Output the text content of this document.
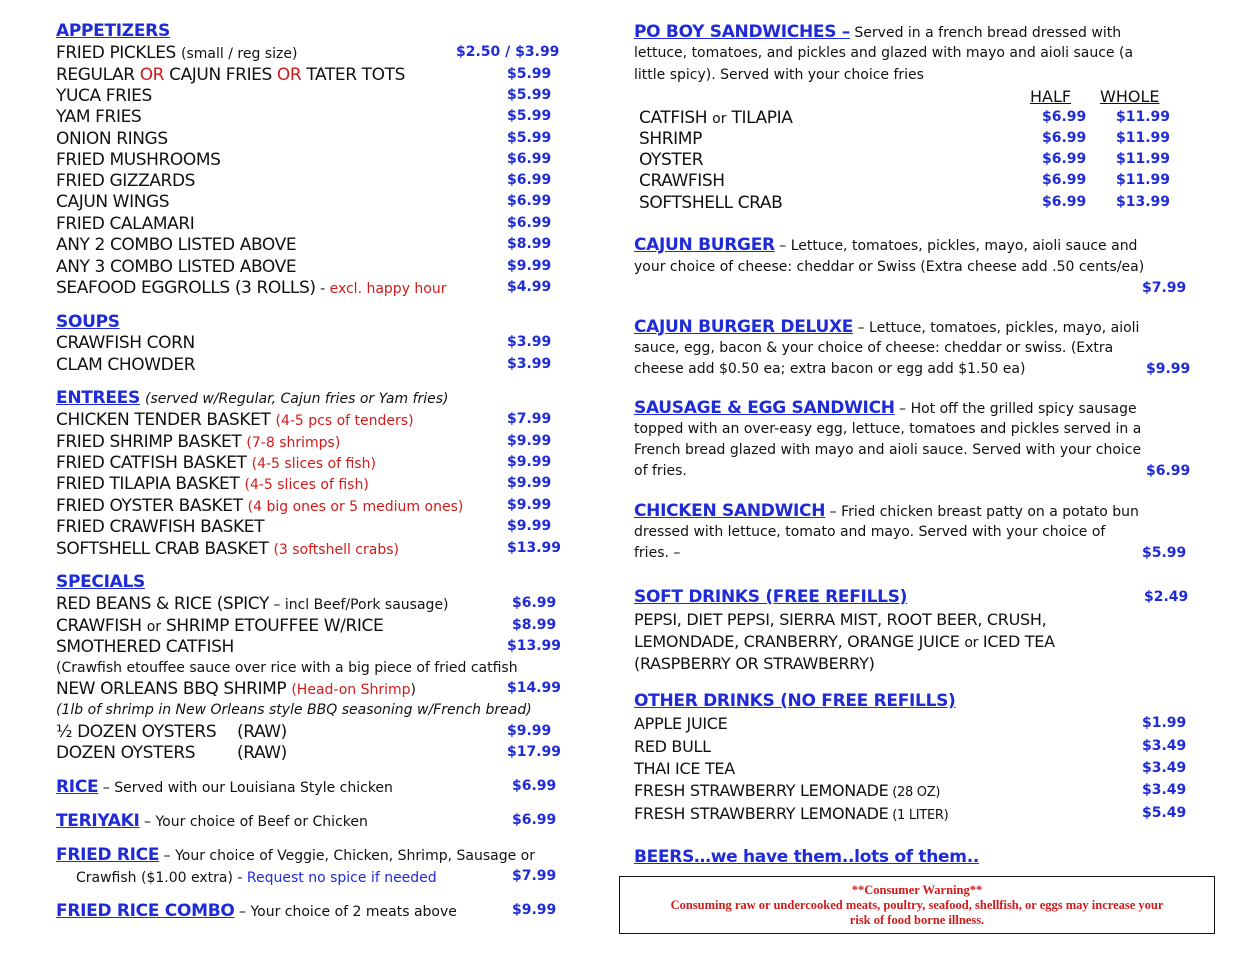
APPETIZERS
FRIED PICKLES (small / reg size)	$2.50 / $3.99
REGULAR OR CAJUN FRIES OR TATER TOTS	$5.99
YUCA FRIES	$5.99
YAM FRIES	$5.99
ONION RINGS	$5.99
FRIED MUSHROOMS	$6.99
FRIED GIZZARDS	$6.99
CAJUN WINGS	$6.99
FRIED CALAMARI	$6.99
ANY 2 COMBO LISTED ABOVE	$8.99
ANY 3 COMBO LISTED ABOVE	$9.99
SEAFOOD EGGROLLS (3 ROLLS) - excl. happy hour	$4.99
SOUPS
CRAWFISH CORN	$3.99
CLAM CHOWDER	$3.99
ENTREES (served w/Regular, Cajun fries or Yam fries)
CHICKEN TENDER BASKET (4-5 pcs of tenders)	$7.99
FRIED SHRIMP BASKET (7-8 shrimps)	$9.99
FRIED CATFISH BASKET (4-5 slices of fish)	$9.99
FRIED TILAPIA BASKET (4-5 slices of fish)	$9.99
FRIED OYSTER BASKET (4 big ones or 5 medium ones)	$9.99
FRIED CRAWFISH BASKET	$9.99
SOFTSHELL CRAB BASKET (3 softshell crabs)	$13.99
SPECIALS
RED BEANS & RICE (SPICY – incl Beef/Pork sausage)	$6.99
CRAWFISH or SHRIMP ETOUFFEE W/RICE	$8.99
SMOTHERED CATFISH	$13.99
(Crawfish etouffee sauce over rice with a big piece of fried catfish
NEW ORLEANS BBQ SHRIMP (Head-on Shrimp)	$14.99
(1lb of shrimp in New Orleans style BBQ seasoning w/French bread)
½ DOZEN OYSTERS (RAW)	$9.99
DOZEN OYSTERS (RAW)	$17.99
RICE – Served with our Louisiana Style chicken	$6.99
TERIYAKI – Your choice of Beef or Chicken	$6.99
FRIED RICE – Your choice of Veggie, Chicken, Shrimp, Sausage or
Crawfish ($1.00 extra) - Request no spice if needed	$7.99
FRIED RICE COMBO – Your choice of 2 meats above	$9.99
PO BOY SANDWICHES – Served in a french bread dressed with
lettuce, tomatoes, and pickles and glazed with mayo and aioli sauce (a
little spicy). Served with your choice fries
HALF WHOLE
CATFISH or TILAPIA	$6.99 $11.99
SHRIMP	$6.99 $11.99
OYSTER	$6.99 $11.99
CRAWFISH	$6.99 $11.99
SOFTSHELL CRAB	$6.99 $13.99
CAJUN BURGER – Lettuce, tomatoes, pickles, mayo, aioli sauce and
your choice of cheese: cheddar or Swiss (Extra cheese add .50 cents/ea)
$7.99
CAJUN BURGER DELUXE – Lettuce, tomatoes, pickles, mayo, aioli
sauce, egg, bacon & your choice of cheese: cheddar or swiss. (Extra
cheese add $0.50 ea; extra bacon or egg add $1.50 ea)	$9.99
SAUSAGE & EGG SANDWICH – Hot off the grilled spicy sausage
topped with an over-easy egg, lettuce, tomatoes and pickles served in a
French bread glazed with mayo and aioli sauce. Served with your choice
of fries.	$6.99
CHICKEN SANDWICH – Fried chicken breast patty on a potato bun
dressed with lettuce, tomato and mayo. Served with your choice of
fries. –	$5.99
SOFT DRINKS (FREE REFILLS)	$2.49
PEPSI, DIET PEPSI, SIERRA MIST, ROOT BEER, CRUSH,
LEMONDADE, CRANBERRY, ORANGE JUICE or ICED TEA
(RASPBERRY OR STRAWBERRY)
OTHER DRINKS (NO FREE REFILLS)
APPLE JUICE	$1.99
RED BULL	$3.49
THAI ICE TEA	$3.49
FRESH STRAWBERRY LEMONADE (28 OZ)	$3.49
FRESH STRAWBERRY LEMONADE (1 LITER)	$5.49
BEERS…we have them..lots of them..
**Consumer Warning**
Consuming raw or undercooked meats, poultry, seafood, shellfish, or eggs may increase your
risk of food borne illness.
